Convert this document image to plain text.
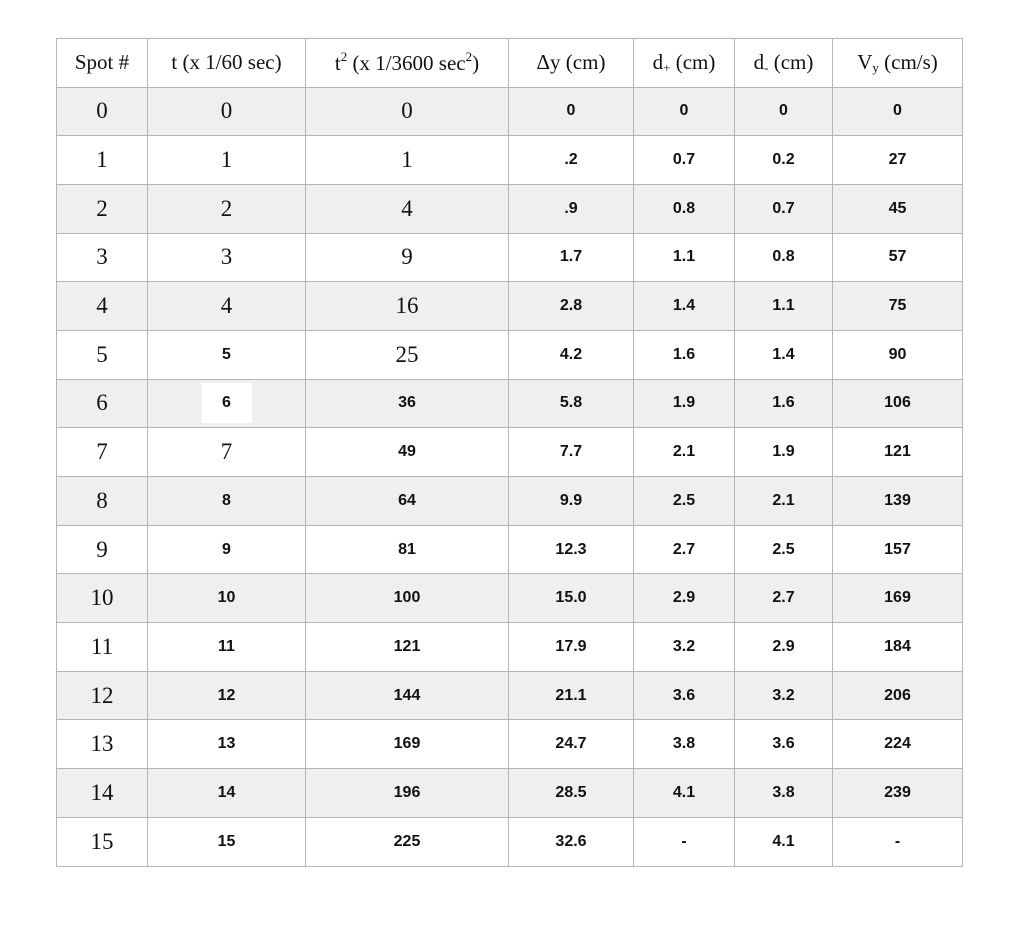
Spot #	t (x 1/60 sec)	$t^2$ (x 1/3600 $\sec^2$)	Δy (cm)	$d_+$ (cm)	$d_-$ (cm)	$V_y$ (cm/s)
0	0	0	0	0	0	0
1	1	1	.2	0.7	0.2	27
2	2	4	.9	0.8	0.7	45
3	3	9	1.7	1.1	0.8	57
4	4	16	2.8	1.4	1.1	75
5	5	25	4.2	1.6	1.4	90
6	6	36	5.8	1.9	1.6	106
7	7	49	7.7	2.1	1.9	121
8	8	64	9.9	2.5	2.1	139
9	9	81	12.3	2.7	2.5	157
10	10	100	15.0	2.9	2.7	169
11	11	121	17.9	3.2	2.9	184
12	12	144	21.1	3.6	3.2	206
13	13	169	24.7	3.8	3.6	224
14	14	196	28.5	4.1	3.8	239
15	15	225	32.6	-	4.1	-
